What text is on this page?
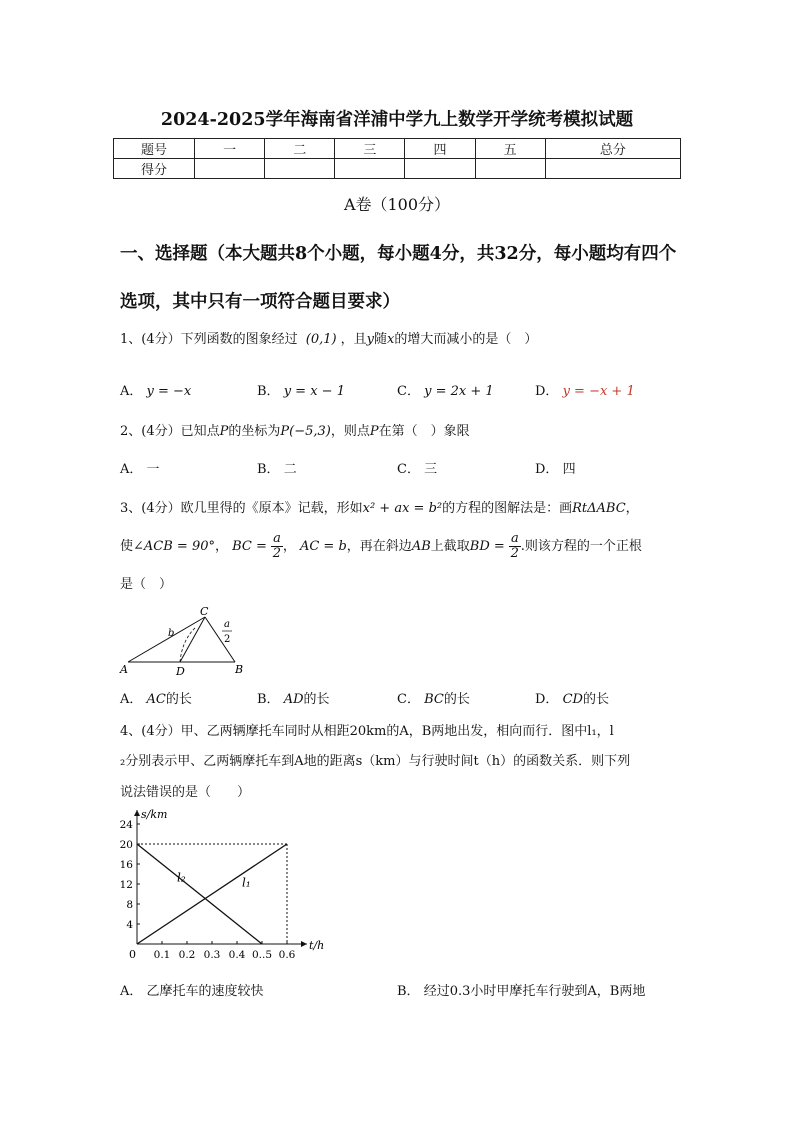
2024-2025学年海南省洋浦中学九上数学开学统考模拟试题
题号	一	二	三	四	五	总分
得分						
A卷（100分）
一、选择题（本大题共8个小题，每小题4分，共32分，每小题均有四个选项，其中只有一项符合题目要求）
1、(4分）下列函数的图象经过 (0,1) ，且y随x的增大而减小的是（　）
A． y = −x	B． y = x − 1	C． y = 2x + 1	D． y = −x + 1
2、(4分）已知点P的坐标为P(−5,3)，则点P在第（　）象限
A． 一	B． 二	C． 三	D． 四
3、(4分）欧几里得的《原本》记载，形如x² + ax = b²的方程的图解法是：画RtΔABC，
使∠ACB = 90°， BC = $\frac{a}{2}$ ， AC = b，再在斜边AB上截取BD = $\frac{a}{2}$ .则该方程的一个正根
是（　）
A	B
C
D
b
a
2
A． AC的长	B． AD的长	C． BC的长	D． CD的长
4、(4分）甲、乙两辆摩托车同时从相距20km的A，B两地出发，相向而行．图中l₁，l
₂分别表示甲、乙两辆摩托车到A地的距离s（km）与行驶时间t（h）的函数关系．则下列
说法错误的是（　　）
s/km
t/h
0 0.1 0.2 0.3 0.4 0..5 0.6
4
8
12
16
20
24
l₁
l₂
A． 乙摩托车的速度较快	B． 经过0.3小时甲摩托车行驶到A，B两地
